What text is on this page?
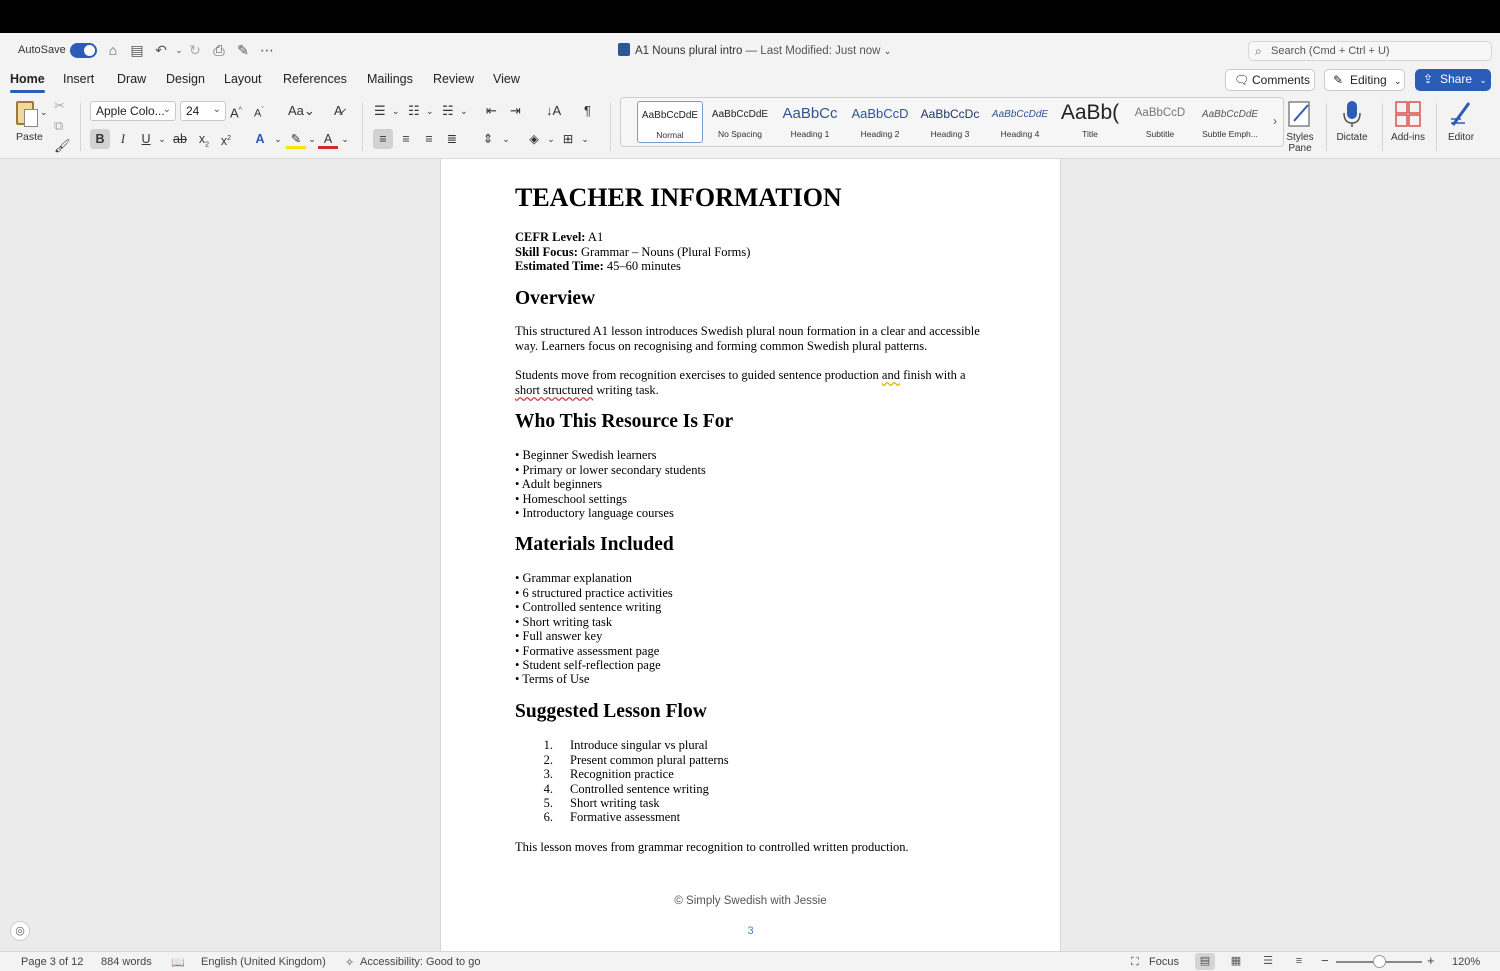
AutoSave	⌂ ▤ ↶ ⌄ ↻ ⎙ ✎ ⋯	A1 Nouns plural intro — Last Modified: Just now ⌄	⌕ Search (Cmd + Ctrl + U)
Home Insert Draw Design Layout References Mailings Review View	🗨 Comments	✎ Editing ⌄ ⇪ Share ⌄
⌄
Paste
✂
⧉
🖌
Apple Colo...
⌄	24 ⌄ A^ $A^ˇ$ Aa⌄ A̷
B	I	U ⌄ ab $x_2$ $x^2$	A	⌄ ✎ ⌄ A	⌄
☰ ⌄ ☷ ⌄ ☵ ⌄ ⇤ ⇥ ↓A ¶
≡	≡	≡	≣	⇕ ⌄	◈ ⌄ ⊞ ⌄
AaBbCcDdE
Normal
AaBbCcDdE
No Spacing
AaBbCc
Heading 1
AaBbCcD
Heading 2
AaBbCcDc
Heading 3
AaBbCcDdE
Heading 4
AaBb(
Title
AaBbCcD
Subtitle
AaBbCcDdE
Subtle Emph...
›
Styles Pane
Dictate	Add-ins	Editor
TEACHER INFORMATION
CEFR Level: A1
Skill Focus: Grammar – Nouns (Plural Forms)
Estimated Time: 45–60 minutes
Overview
This structured A1 lesson introduces Swedish plural noun formation in a clear and accessible
way. Learners focus on recognising and forming common Swedish plural patterns.
Students move from recognition exercises to guided sentence production and finish with a
short structured writing task.
Who This Resource Is For
• Beginner Swedish learners
• Primary or lower secondary students
• Adult beginners
• Homeschool settings
• Introductory language courses
Materials Included
• Grammar explanation
• 6 structured practice activities
• Controlled sentence writing
• Short writing task
• Full answer key
• Formative assessment page
• Student self-reflection page
• Terms of Use
Suggested Lesson Flow
1. Introduce singular vs plural
2. Present common plural patterns
3. Recognition practice
4. Controlled sentence writing
5. Short writing task
6. Formative assessment
This lesson moves from grammar recognition to controlled written production.
© Simply Swedish with Jessie
3
◎
Page 3 of 12 884 words 📖 English (United Kingdom) ✧ Accessibility: Good to go	⛶ Focus	▤	▦	☰	≡	−	+ 120%
